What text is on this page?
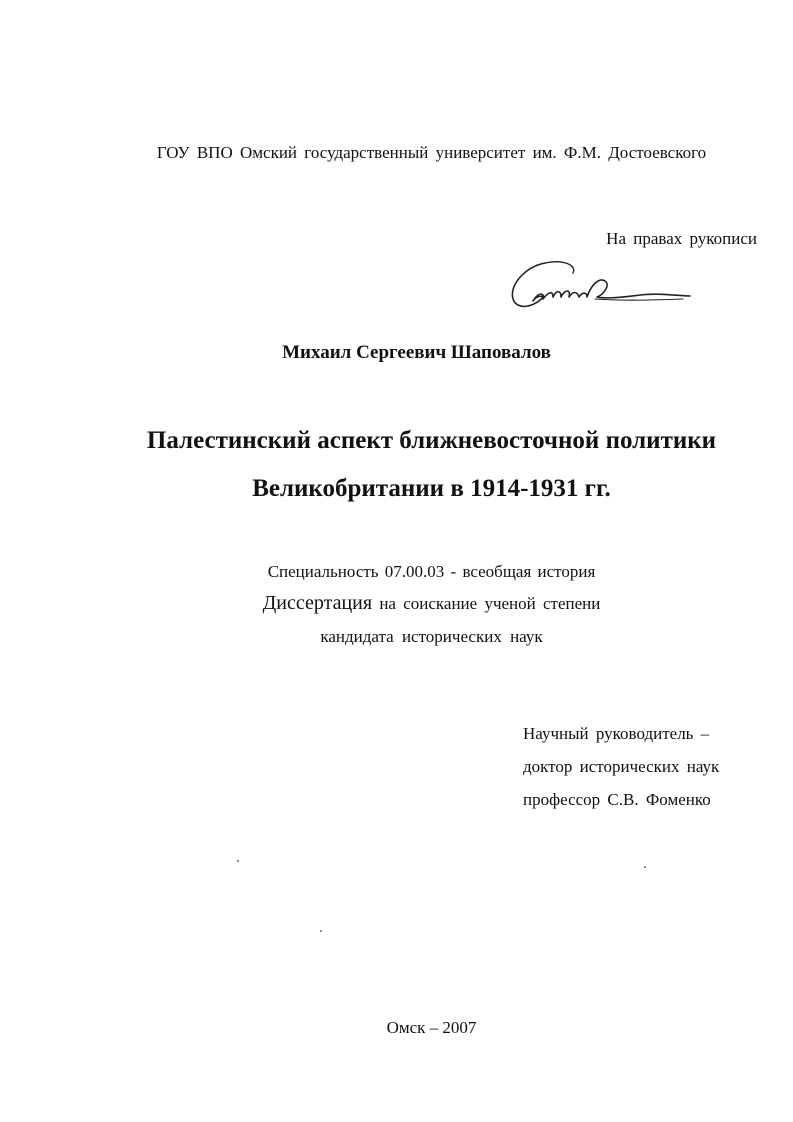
ГОУ ВПО Омский государственный университет им. Ф.М. Достоевского
На правах рукописи
Михаил Сергеевич Шаповалов
Палестинский аспект ближневосточной политики
Великобритании в 1914-1931 гг.
Специальность 07.00.03 - всеобщая история
Диссертация на соискание ученой степени
кандидата исторических наук
Научный руководитель –
доктор исторических наук
профессор С.В. Фоменко
Омск – 2007
